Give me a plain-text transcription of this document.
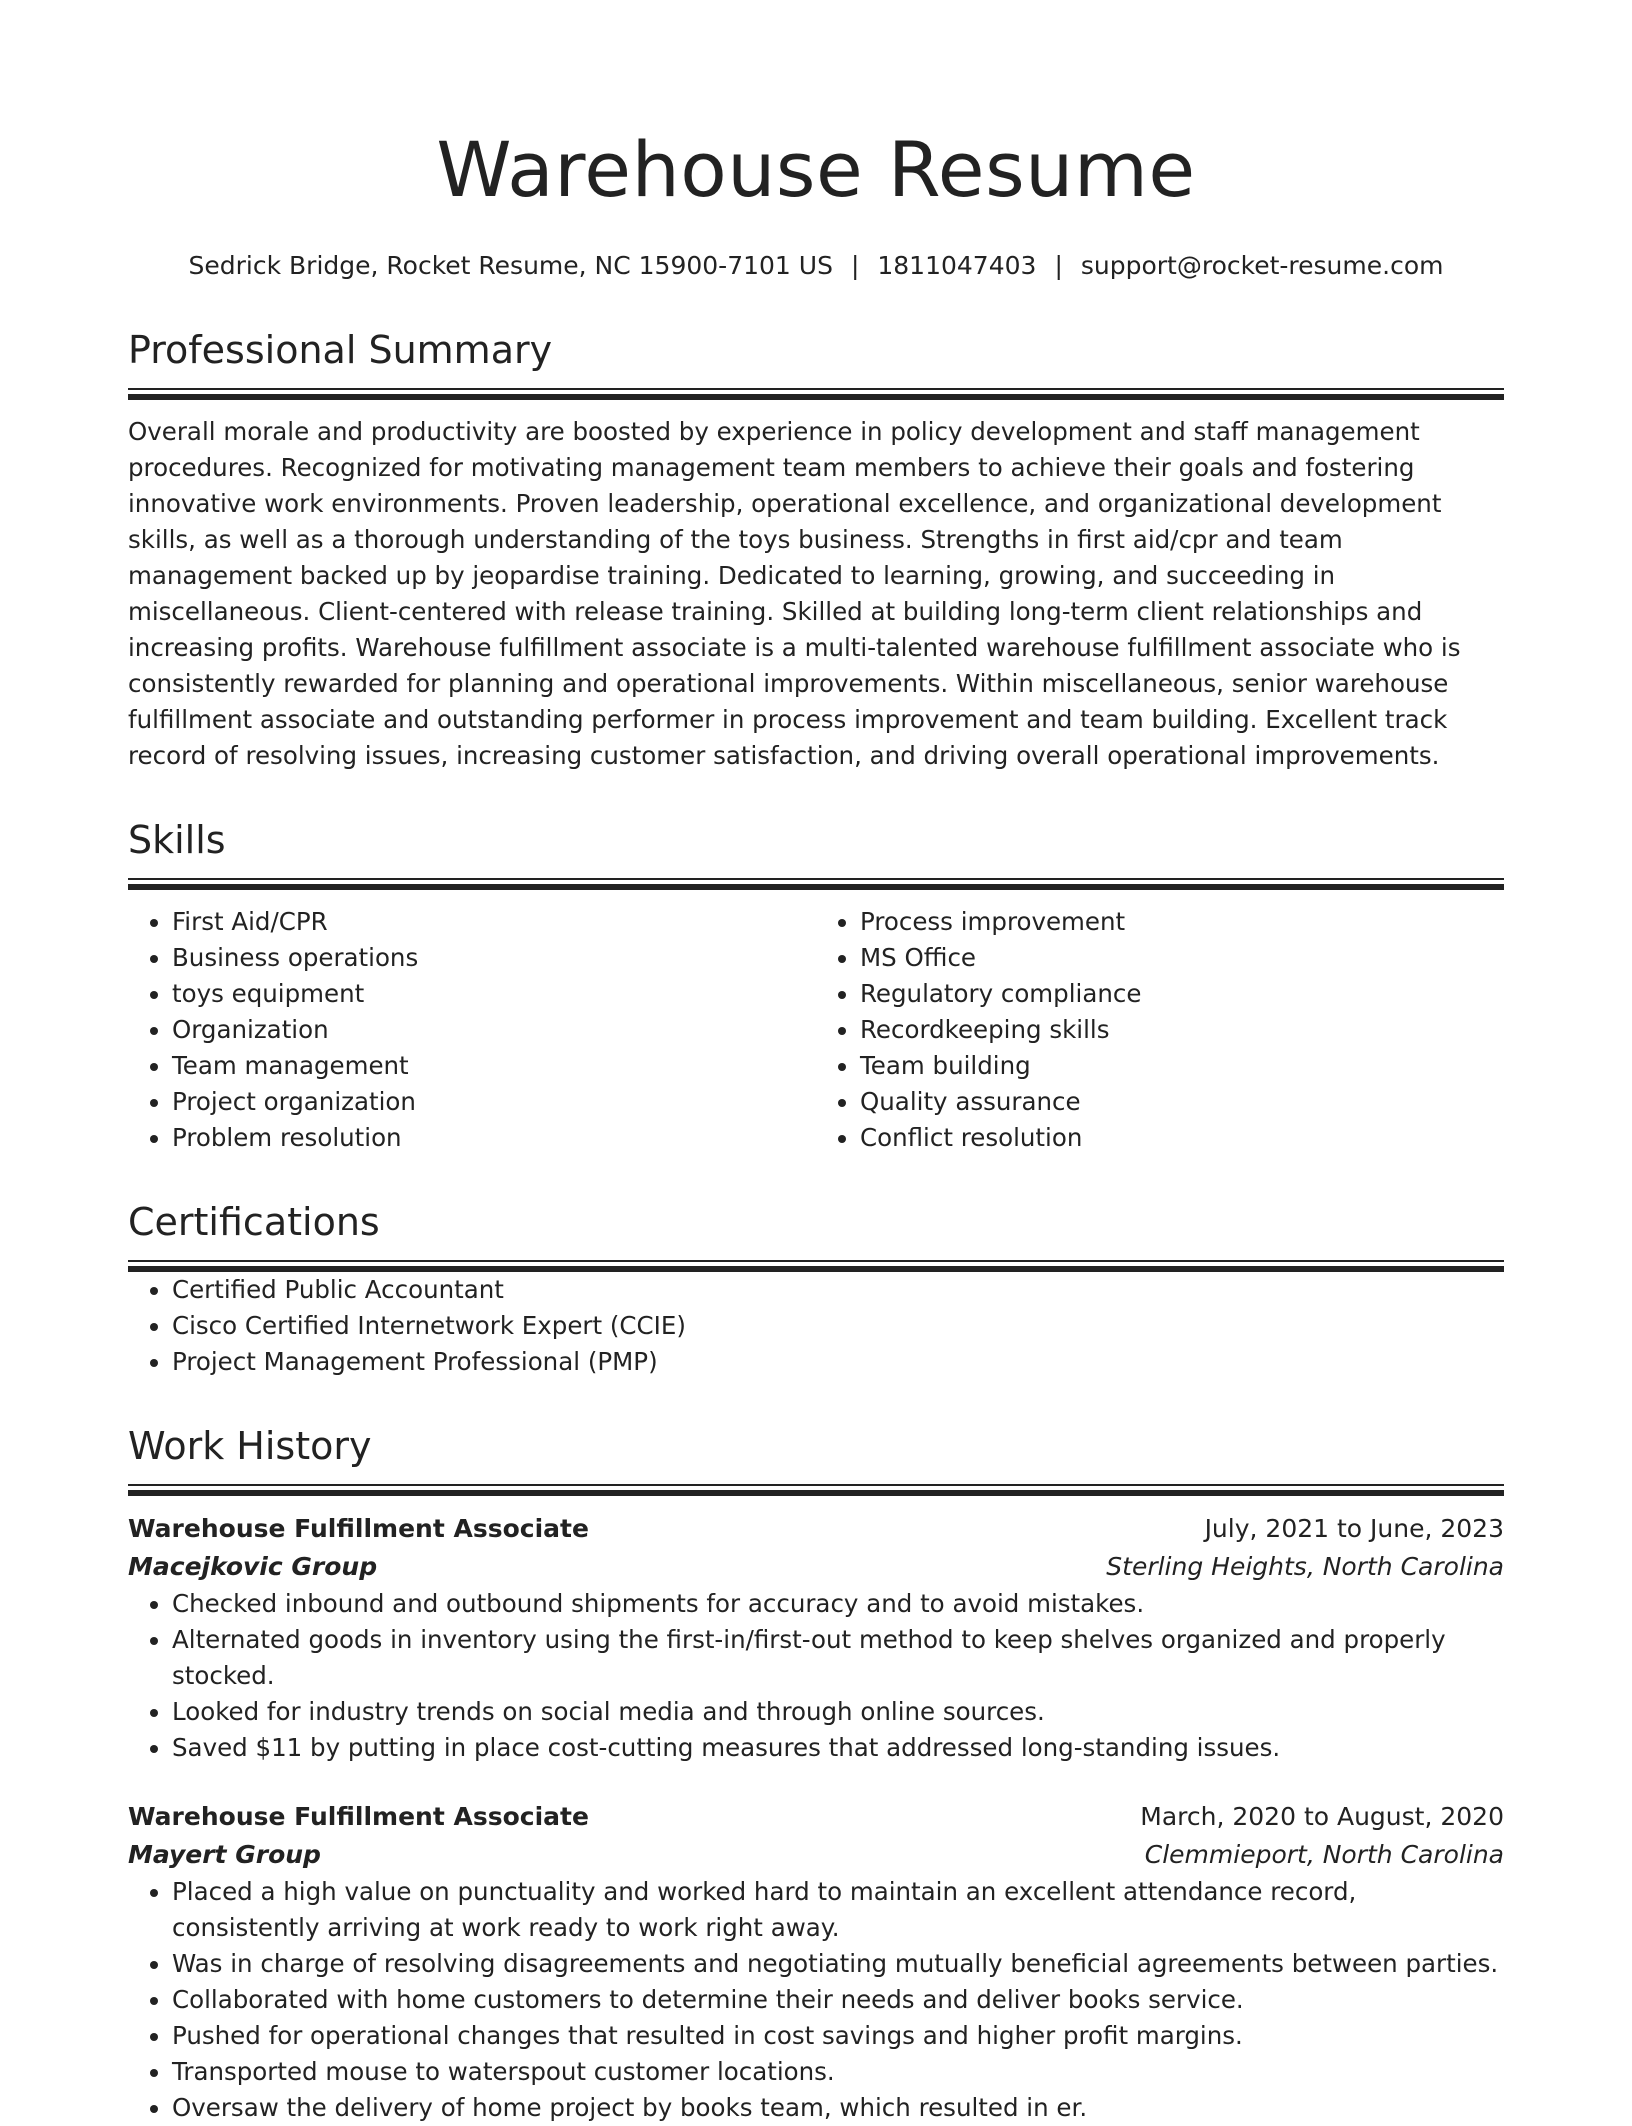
Warehouse Resume
Sedrick Bridge, Rocket Resume, NC 15900-7101 US | 1811047403 | support@rocket-resume.com
Professional Summary
Overall morale and productivity are boosted by experience in policy development and staff management procedures. Recognized for motivating management team members to achieve their goals and fostering innovative work environments. Proven leadership, operational excellence, and organizational development skills, as well as a thorough understanding of the toys business. Strengths in first aid/cpr and team management backed up by jeopardise training. Dedicated to learning, growing, and succeeding in miscellaneous. Client-centered with release training. Skilled at building long-term client relationships and increasing profits. Warehouse fulfillment associate is a multi-talented warehouse fulfillment associate who is consistently rewarded for planning and operational improvements. Within miscellaneous, senior warehouse fulfillment associate and outstanding performer in process improvement and team building. Excellent track record of resolving issues, increasing customer satisfaction, and driving overall operational improvements.
Skills
• First Aid/CPR
• Business operations
• toys equipment
• Organization
• Team management
• Project organization
• Problem resolution
• Process improvement
• MS Office
• Regulatory compliance
• Recordkeeping skills
• Team building
• Quality assurance
• Conflict resolution
Certifications
• Certified Public Accountant
• Cisco Certified Internetwork Expert (CCIE)
• Project Management Professional (PMP)
Work History
Warehouse Fulfillment Associate	July, 2021 to June, 2023
Macejkovic Group	Sterling Heights, North Carolina
• Checked inbound and outbound shipments for accuracy and to avoid mistakes.
• Alternated goods in inventory using the first-in/first-out method to keep shelves organized and properly stocked.
• Looked for industry trends on social media and through online sources.
• Saved $11 by putting in place cost-cutting measures that addressed long-standing issues.
Warehouse Fulfillment Associate	March, 2020 to August, 2020
Mayert Group	Clemmieport, North Carolina
• Placed a high value on punctuality and worked hard to maintain an excellent attendance record, consistently arriving at work ready to work right away.
• Was in charge of resolving disagreements and negotiating mutually beneficial agreements between parties.
• Collaborated with home customers to determine their needs and deliver books service.
• Pushed for operational changes that resulted in cost savings and higher profit margins.
• Transported mouse to waterspout customer locations.
• Oversaw the delivery of home project by books team, which resulted in er.
